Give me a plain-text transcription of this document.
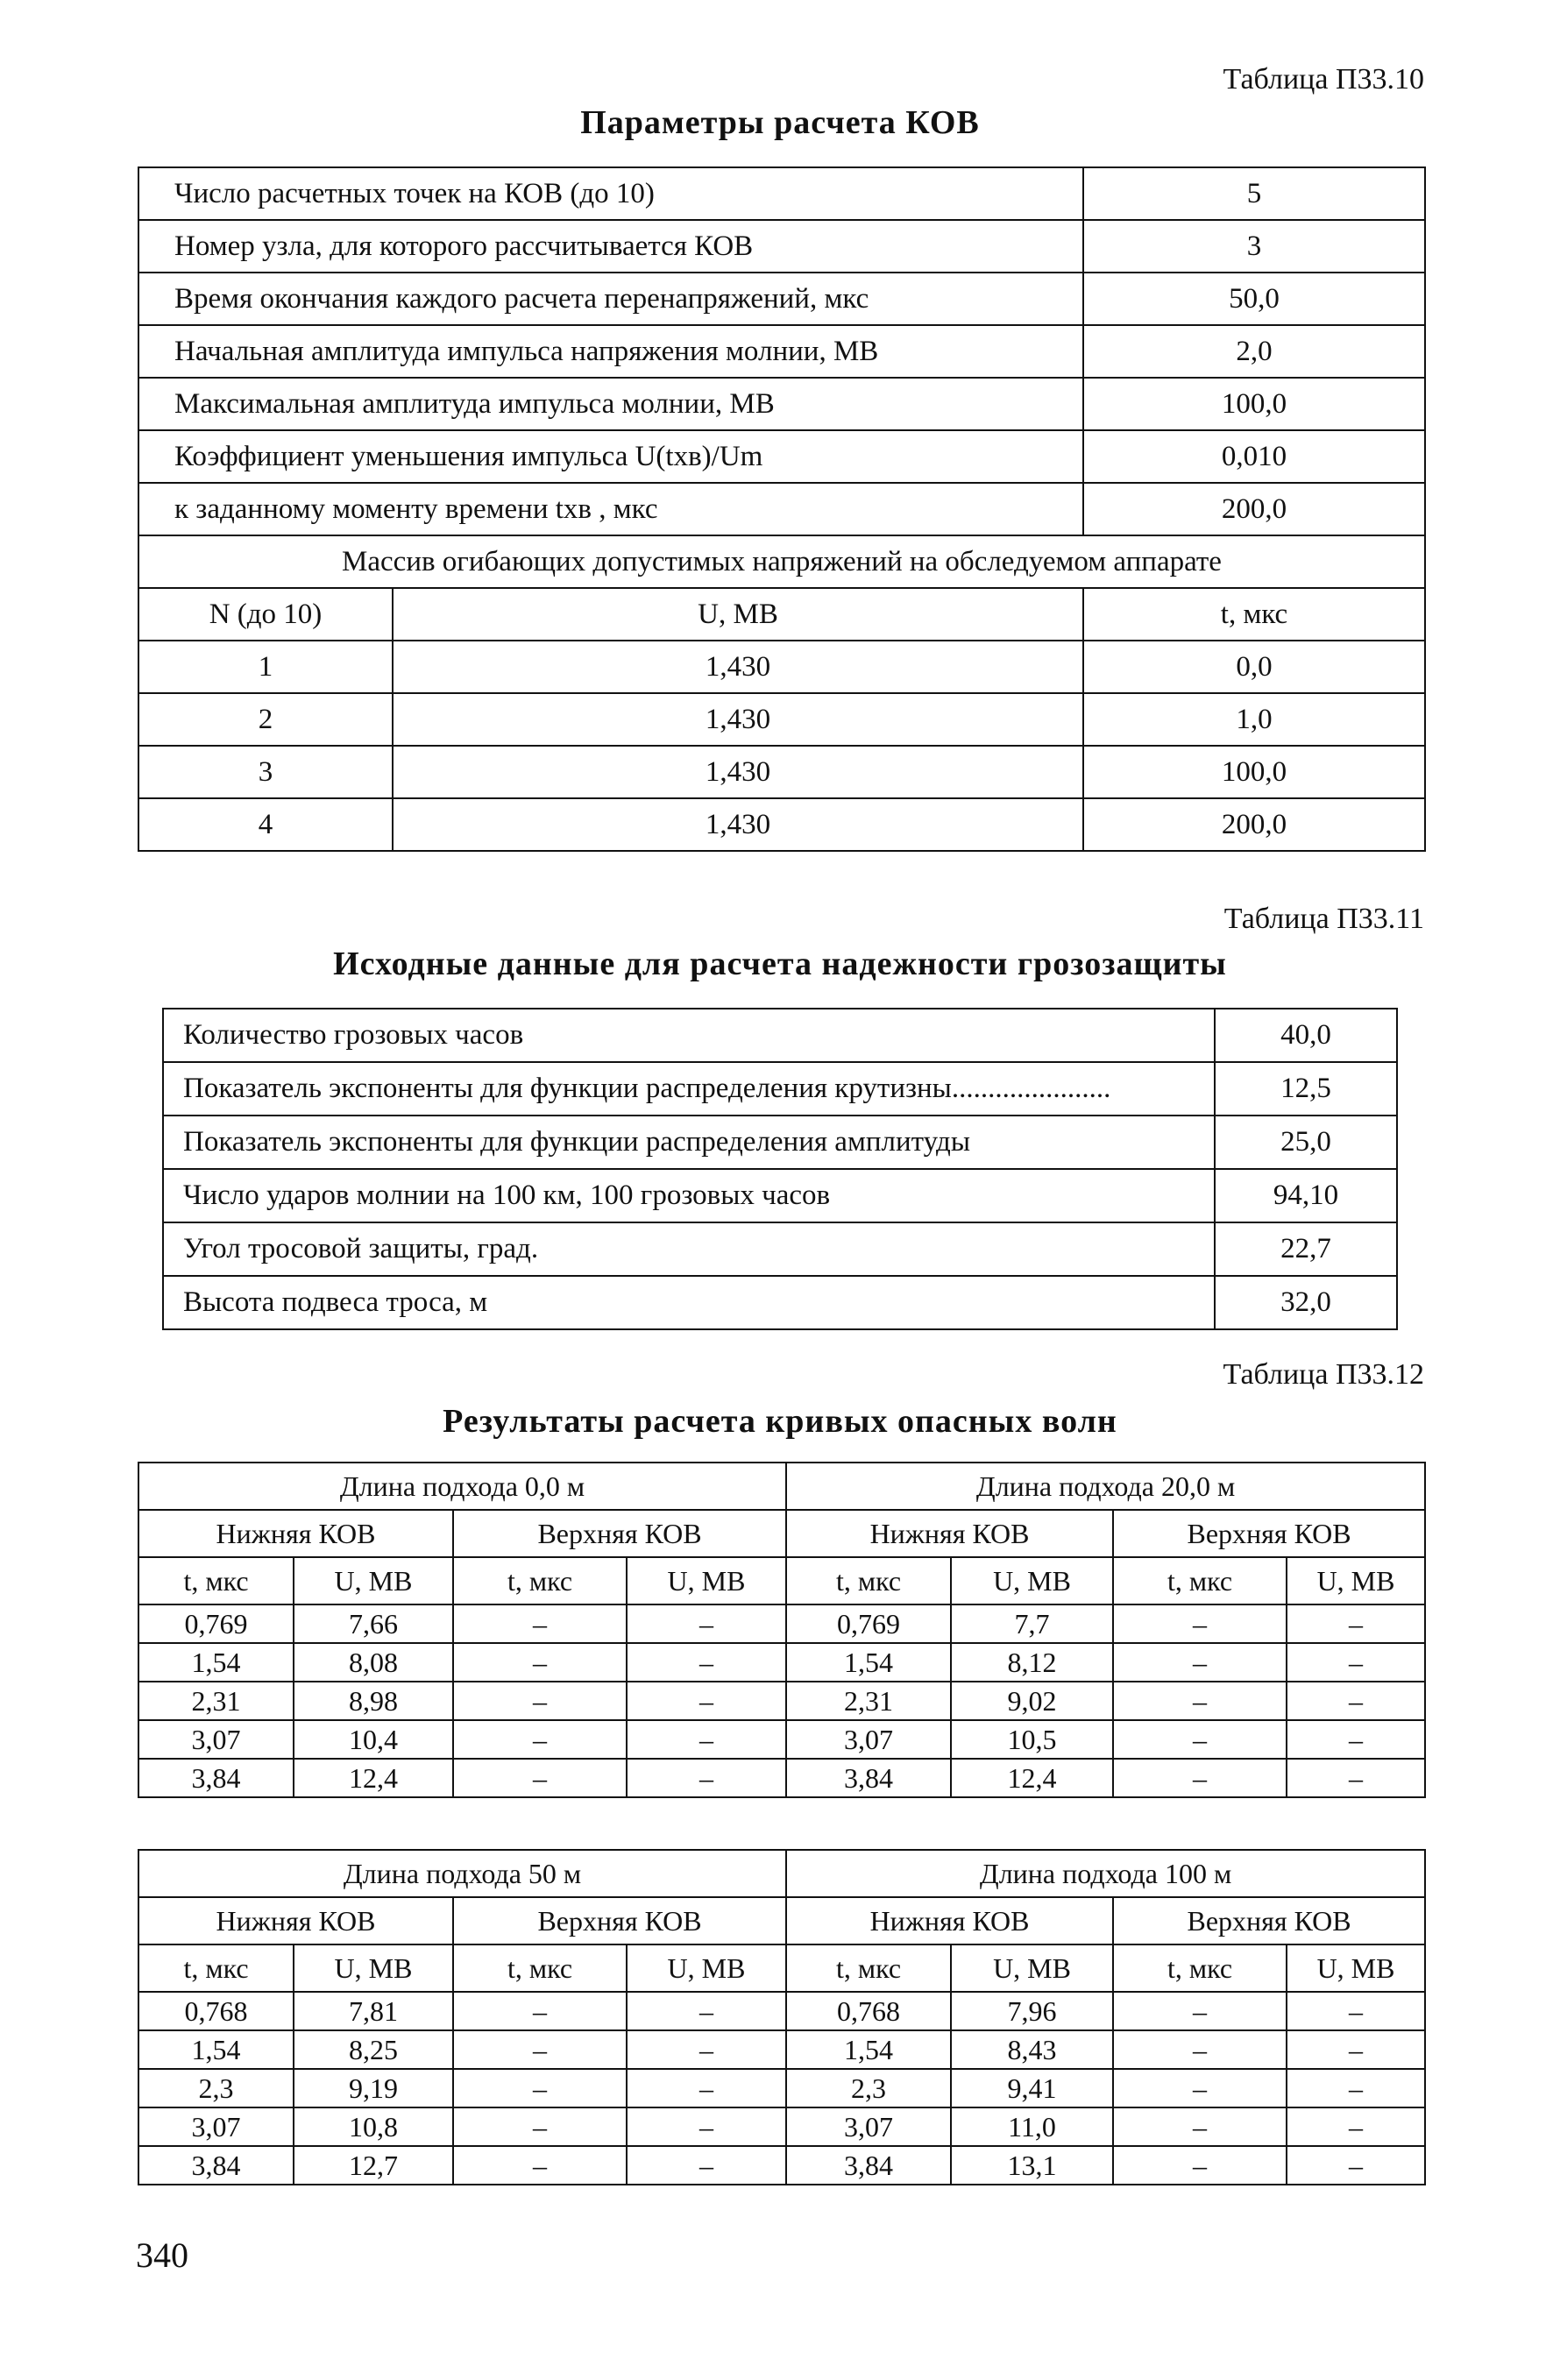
Таблица П33.10
Параметры расчета КОВ
Число расчетных точек на КОВ (до 10)		5
Номер узла, для которого рассчитывается КОВ		3
Время окончания каждого расчета перенапряжений, мкс		50,0
Начальная амплитуда импульса напряжения молнии, МВ		2,0
Максимальная амплитуда импульса молнии, МВ		100,0
Коэффициент уменьшения импульса U(tхв)/Um		0,010
к заданному моменту времени tхв , мкс		200,0
Массив огибающих допустимых напряжений на обследуемом аппарате		
N (до 10)	U, МВ	t, мкс
1	1,430	0,0
2	1,430	1,0
3	1,430	100,0
4	1,430	200,0
Таблица П33.11
Исходные данные для расчета надежности грозозащиты
Количество грозовых часов	40,0
Показатель экспоненты для функции распределения крутизны......................	12,5
Показатель экспоненты для функции распределения амплитуды	25,0
Число ударов молнии на 100 км, 100 грозовых часов	94,10
Угол тросовой защиты, град.	22,7
Высота подвеса троса, м	32,0
Таблица П33.12
Результаты расчета кривых опасных волн
Длина подхода 0,0 м				Длина подхода 20,0 м			
Нижняя КОВ		Верхняя КОВ		Нижняя КОВ		Верхняя КОВ	
t, мкс	U, МВ	t, мкс	U, МВ	t, мкс	U, МВ	t, мкс	U, МВ
0,769	7,66	–	–	0,769	7,7	–	–
1,54	8,08	–	–	1,54	8,12	–	–
2,31	8,98	–	–	2,31	9,02	–	–
3,07	10,4	–	–	3,07	10,5	–	–
3,84	12,4	–	–	3,84	12,4	–	–
Длина подхода 50 м				Длина подхода 100 м			
Нижняя КОВ		Верхняя КОВ		Нижняя КОВ		Верхняя КОВ	
t, мкс	U, МВ	t, мкс	U, МВ	t, мкс	U, МВ	t, мкс	U, МВ
0,768	7,81	–	–	0,768	7,96	–	–
1,54	8,25	–	–	1,54	8,43	–	–
2,3	9,19	–	–	2,3	9,41	–	–
3,07	10,8	–	–	3,07	11,0	–	–
3,84	12,7	–	–	3,84	13,1	–	–
340
